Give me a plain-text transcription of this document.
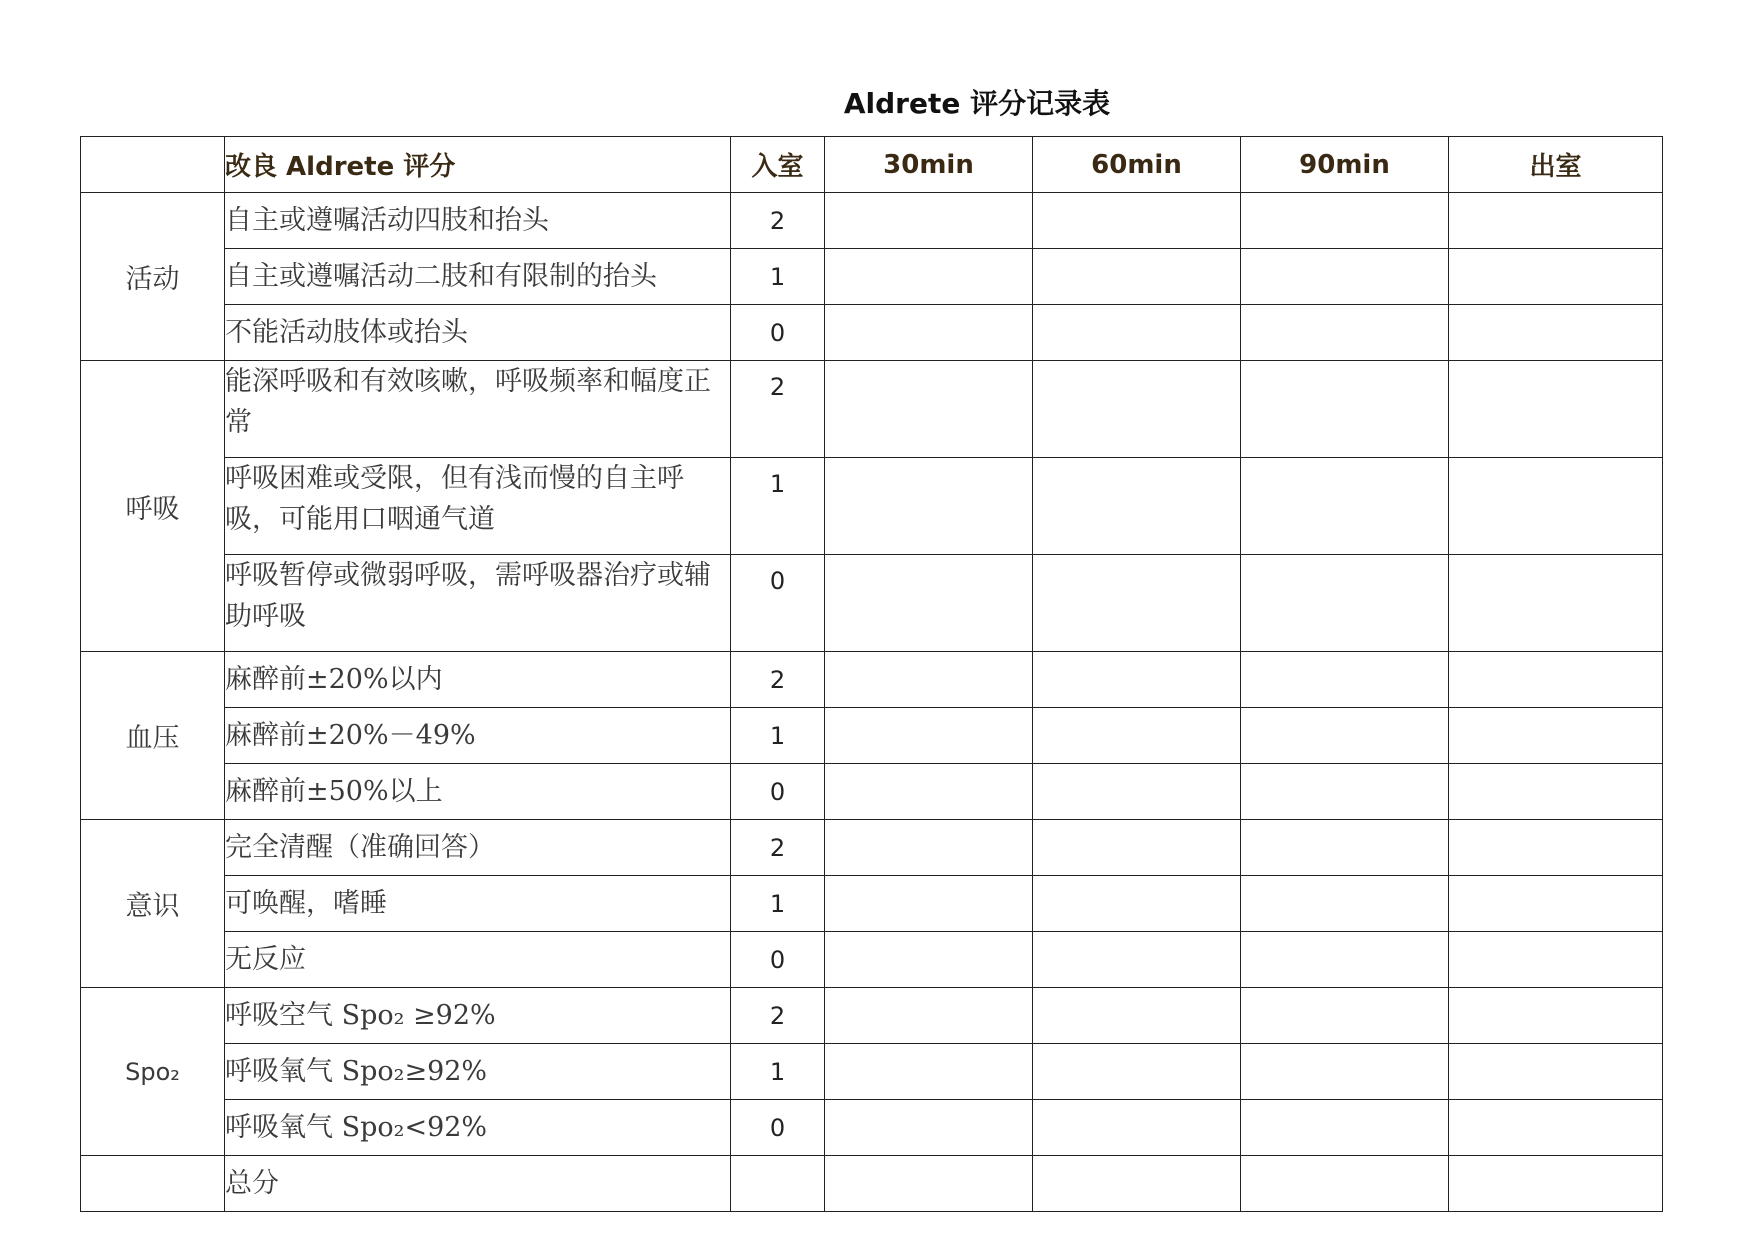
Aldrete 评分记录表
	改良 Aldrete 评分	入室	30min	60min	90min	出室
活动	自主或遵嘱活动四肢和抬头	2				
	自主或遵嘱活动二肢和有限制的抬头	1				
	不能活动肢体或抬头	0				
呼吸	能深呼吸和有效咳嗽，呼吸频率和幅度正常	2				
	呼吸困难或受限，但有浅而慢的自主呼吸，可能用口咽通气道	1				
	呼吸暂停或微弱呼吸，需呼吸器治疗或辅助呼吸	0				
血压	麻醉前±20%以内	2				
	麻醉前±20%－49%	1				
	麻醉前±50%以上	0				
意识	完全清醒（准确回答）	2				
	可唤醒，嗜睡	1				
	无反应	0				
Spo₂	呼吸空气 Spo₂ ≥92%	2				
	呼吸氧气 Spo₂≥92%	1				
	呼吸氧气 Spo₂<92%	0				
	总分					
